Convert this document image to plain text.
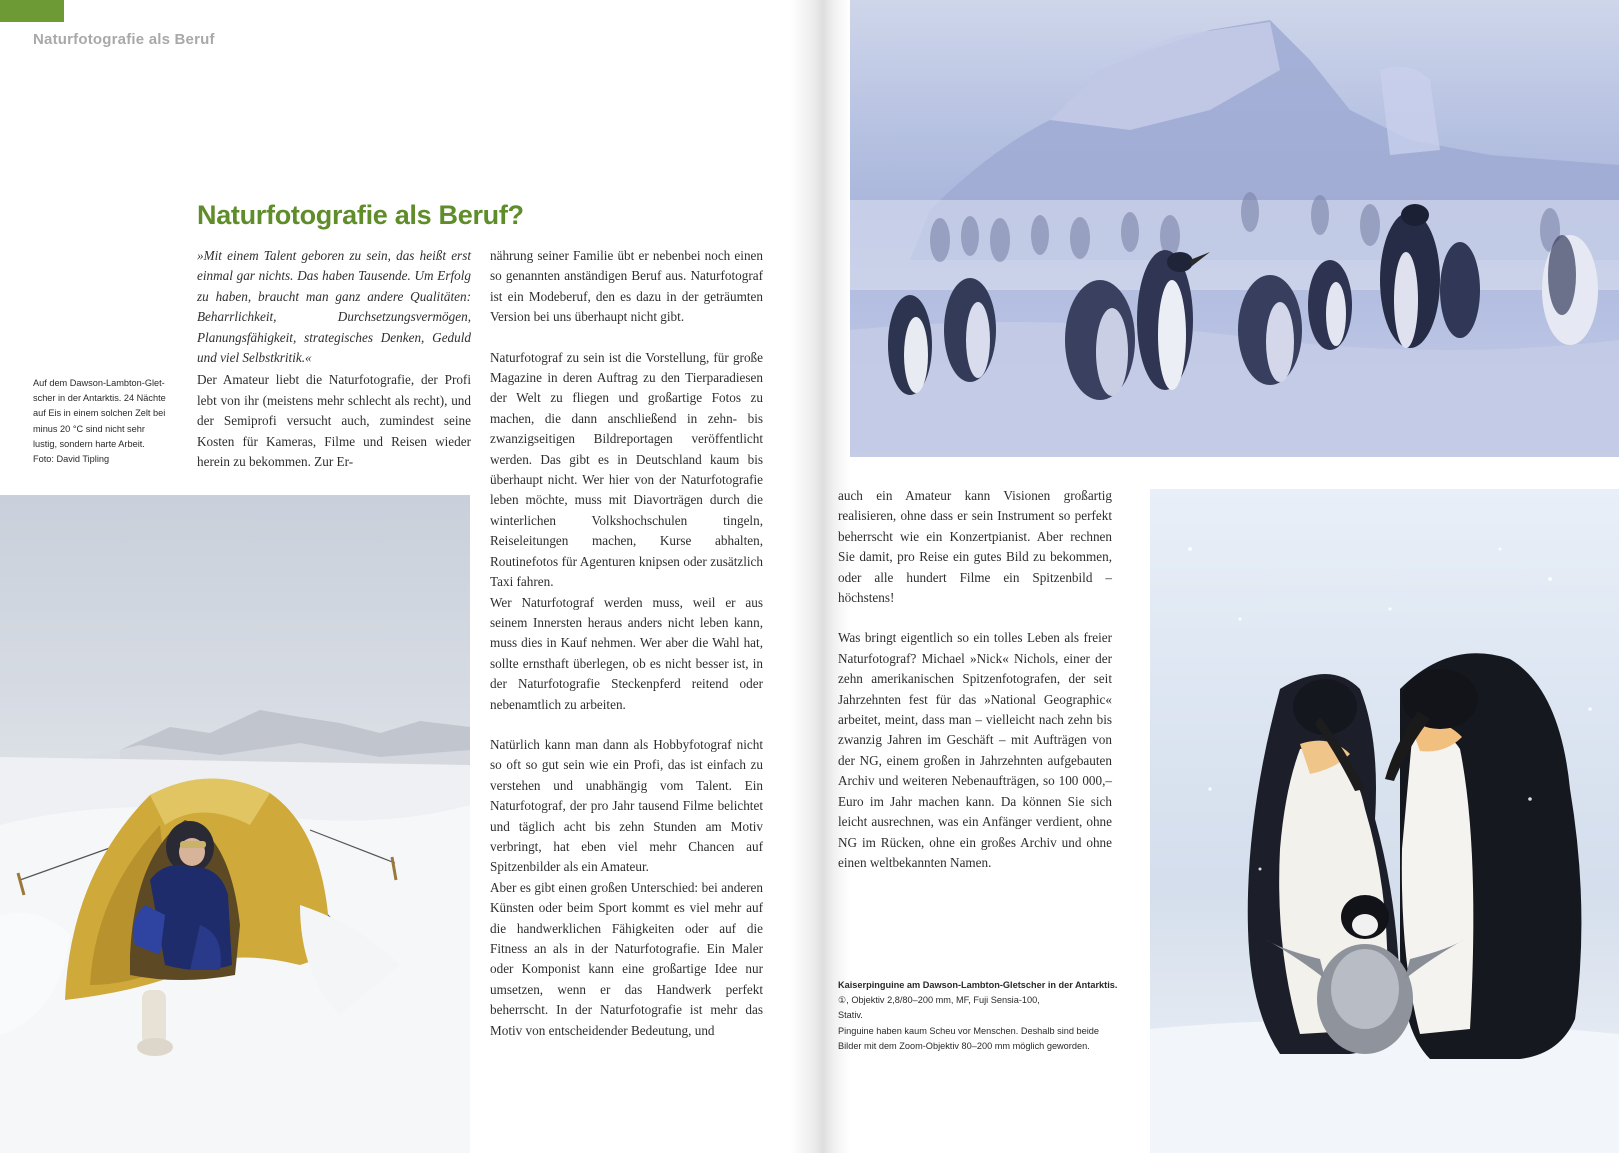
Naturfotografie als Beruf
Naturfotografie als Beruf?
Auf dem Dawson-Lambton-Glet-
scher in der Antarktis. 24 Nächte
auf Eis in einem solchen Zelt bei
minus 20 °C sind nicht sehr
lustig, sondern harte Arbeit.
Foto: David Tipling

»Mit einem Talent geboren zu sein, das heißt erst einmal gar nichts. Das haben Tausende. Um Erfolg zu haben, braucht man ganz andere Qualitäten: Beharrlichkeit, Durchsetzungsvermögen, Planungsfähigkeit, strategisches Denken, Geduld und viel Selbstkritik.«

Der Amateur liebt die Naturfotografie, der Profi lebt von ihr (meistens mehr schlecht als recht), und der Semiprofi versucht auch, zumindest seine Kosten für Kameras, Filme und Reisen wieder herein zu bekommen. Zur Er-

nährung seiner Familie übt er nebenbei noch einen so genannten anständigen Beruf aus. Naturfotograf ist ein Modeberuf, den es dazu in der geträumten Version bei uns überhaupt nicht gibt.

Naturfotograf zu sein ist die Vorstellung, für große Magazine in deren Auftrag zu den Tierparadiesen der Welt zu fliegen und großartige Fotos zu machen, die dann anschließend in zehn- bis zwanzigseitigen Bildreportagen veröffentlicht werden. Das gibt es in Deutschland kaum bis überhaupt nicht. Wer hier von der Naturfotografie leben möchte, muss mit Diavorträgen durch die winterlichen Volkshochschulen tingeln, Reiseleitungen machen, Kurse abhalten, Routinefotos für Agenturen knipsen oder zusätzlich Taxi fahren.

Wer Naturfotograf werden muss, weil er aus seinem Innersten heraus anders nicht leben kann, muss dies in Kauf nehmen. Wer aber die Wahl hat, sollte ernsthaft überlegen, ob es nicht besser ist, in der Naturfotografie Steckenpferd reitend oder nebenamtlich zu arbeiten.

Natürlich kann man dann als Hobbyfotograf nicht so oft so gut sein wie ein Profi, das ist einfach zu verstehen und unabhängig vom Talent. Ein Naturfotograf, der pro Jahr tausend Filme belichtet und täglich acht bis zehn Stunden am Motiv verbringt, hat eben viel mehr Chancen auf Spitzenbilder als ein Amateur.

Aber es gibt einen großen Unterschied: bei anderen Künsten oder beim Sport kommt es viel mehr auf die handwerklichen Fähigkeiten oder auf die Fitness an als in der Naturfotografie. Ein Maler oder Komponist kann eine großartige Idee nur umsetzen, wenn er das Handwerk perfekt beherrscht. In der Naturfotografie ist mehr das Motiv von entscheidender Bedeutung, und

auch ein Amateur kann Visionen großartig realisieren, ohne dass er sein Instrument so perfekt beherrscht wie ein Konzertpianist. Aber rechnen Sie damit, pro Reise ein gutes Bild zu bekommen, oder alle hundert Filme ein Spitzenbild – höchstens!

Was bringt eigentlich so ein tolles Leben als freier Naturfotograf? Michael »Nick« Nichols, einer der zehn amerikanischen Spitzenfotografen, der seit Jahrzehnten fest für das »National Geographic« arbeitet, meint, dass man – vielleicht nach zehn bis zwanzig Jahren im Geschäft – mit Aufträgen von der NG, einem großen in Jahrzehnten aufgebauten Archiv und weiteren Nebenaufträgen, so 100 000,– Euro im Jahr machen kann. Da können Sie sich leicht ausrechnen, was ein Anfänger verdient, ohne NG im Rücken, ohne ein großes Archiv und ohne einen weltbekannten Namen.

Kaiserpinguine am Dawson-Lambton-Gletscher in der Antarktis. ①, Objektiv 2,8/80–200 mm, MF, Fuji Sensia-100,
Stativ.
Pinguine haben kaum Scheu vor Menschen. Deshalb sind beide
Bilder mit dem Zoom-Objektiv 80–200 mm möglich geworden.
